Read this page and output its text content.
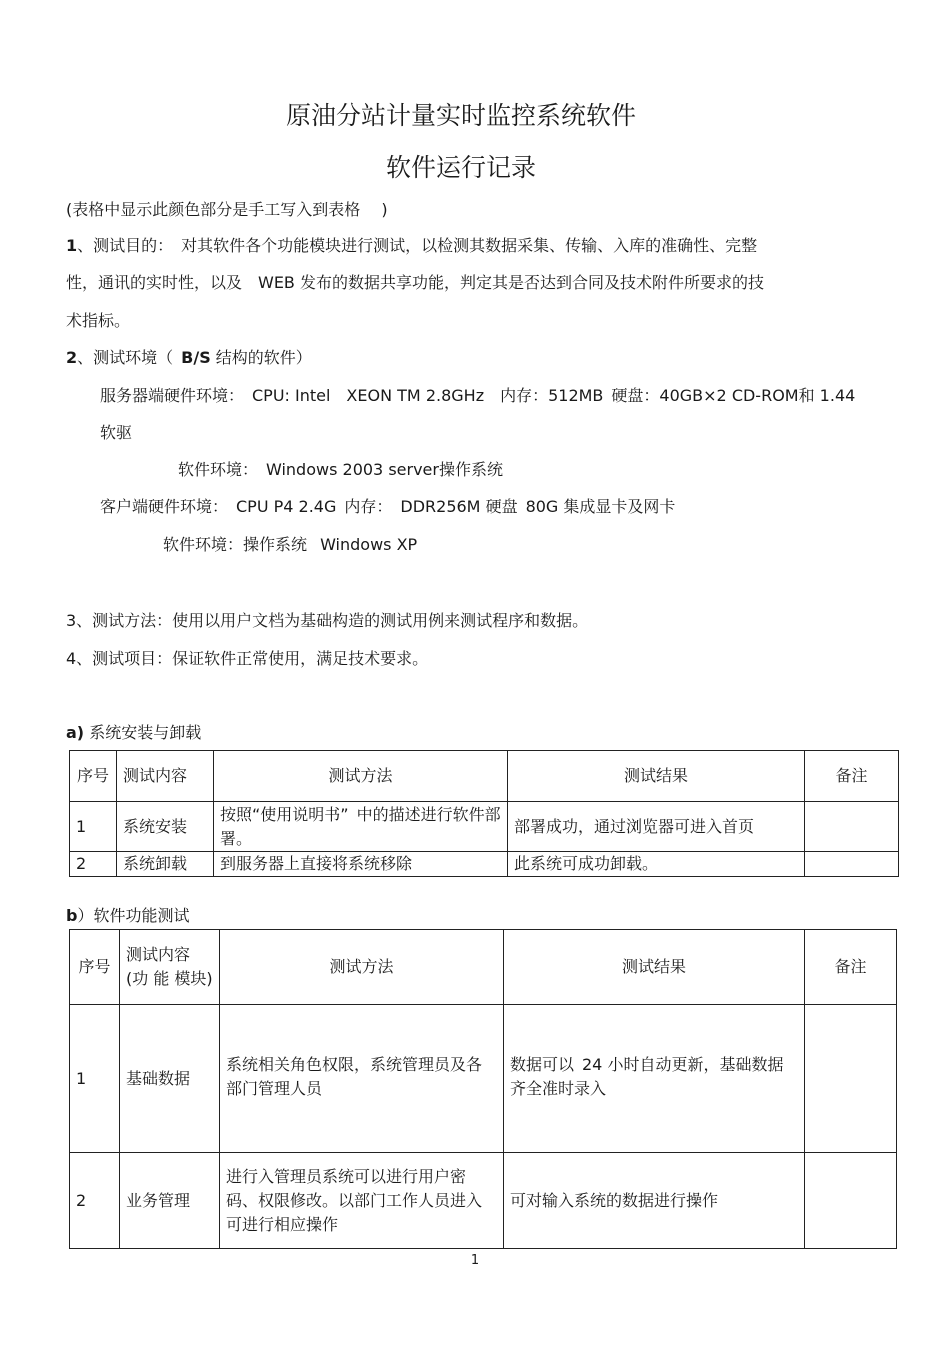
原油分站计量实时监控系统软件
软件运行记录
(表格中显示此颜色部分是手工写入到表格　 )
1、测试目的：　对其软件各个功能模块进行测试，以检测其数据采集、传输、入库的准确性、完整
性，通讯的实时性，以及　WEB 发布的数据共享功能，判定其是否达到合同及技术附件所要求的技
术指标。
2、测试环境（ B/S 结构的软件）
服务器端硬件环境：　CPU: Intel　XEON TM 2.8GHz　内存：512MB 硬盘：40GB×2 CD-ROM和 1.44
软驱
软件环境： Windows 2003 server操作系统
客户端硬件环境：　CPU P4 2.4G 内存： DDR256M 硬盘 80G 集成显卡及网卡
软件环境：操作系统  Windows XP
3、测试方法：使用以用户文档为基础构造的测试用例来测试程序和数据。
4、测试项目：保证软件正常使用，满足技术要求。
a) 系统安装与卸载
序号	测试内容	测试方法	测试结果	备注
1	系统安装	按照“使用说明书” 中的描述进行软件部署。	部署成功，通过浏览器可进入首页	
2	系统卸载	到服务器上直接将系统移除	此系统可成功卸载。	
b）软件功能测试
序号	测试内容 (功 能 模块)	测试方法	测试结果	备注
1	基础数据	系统相关角色权限，系统管理员及各部门管理人员	数据可以 24 小时自动更新，基础数据齐全准时录入	
2	业务管理	进行入管理员系统可以进行用户密码、权限修改。以部门工作人员进入可进行相应操作	可对输入系统的数据进行操作	
1
